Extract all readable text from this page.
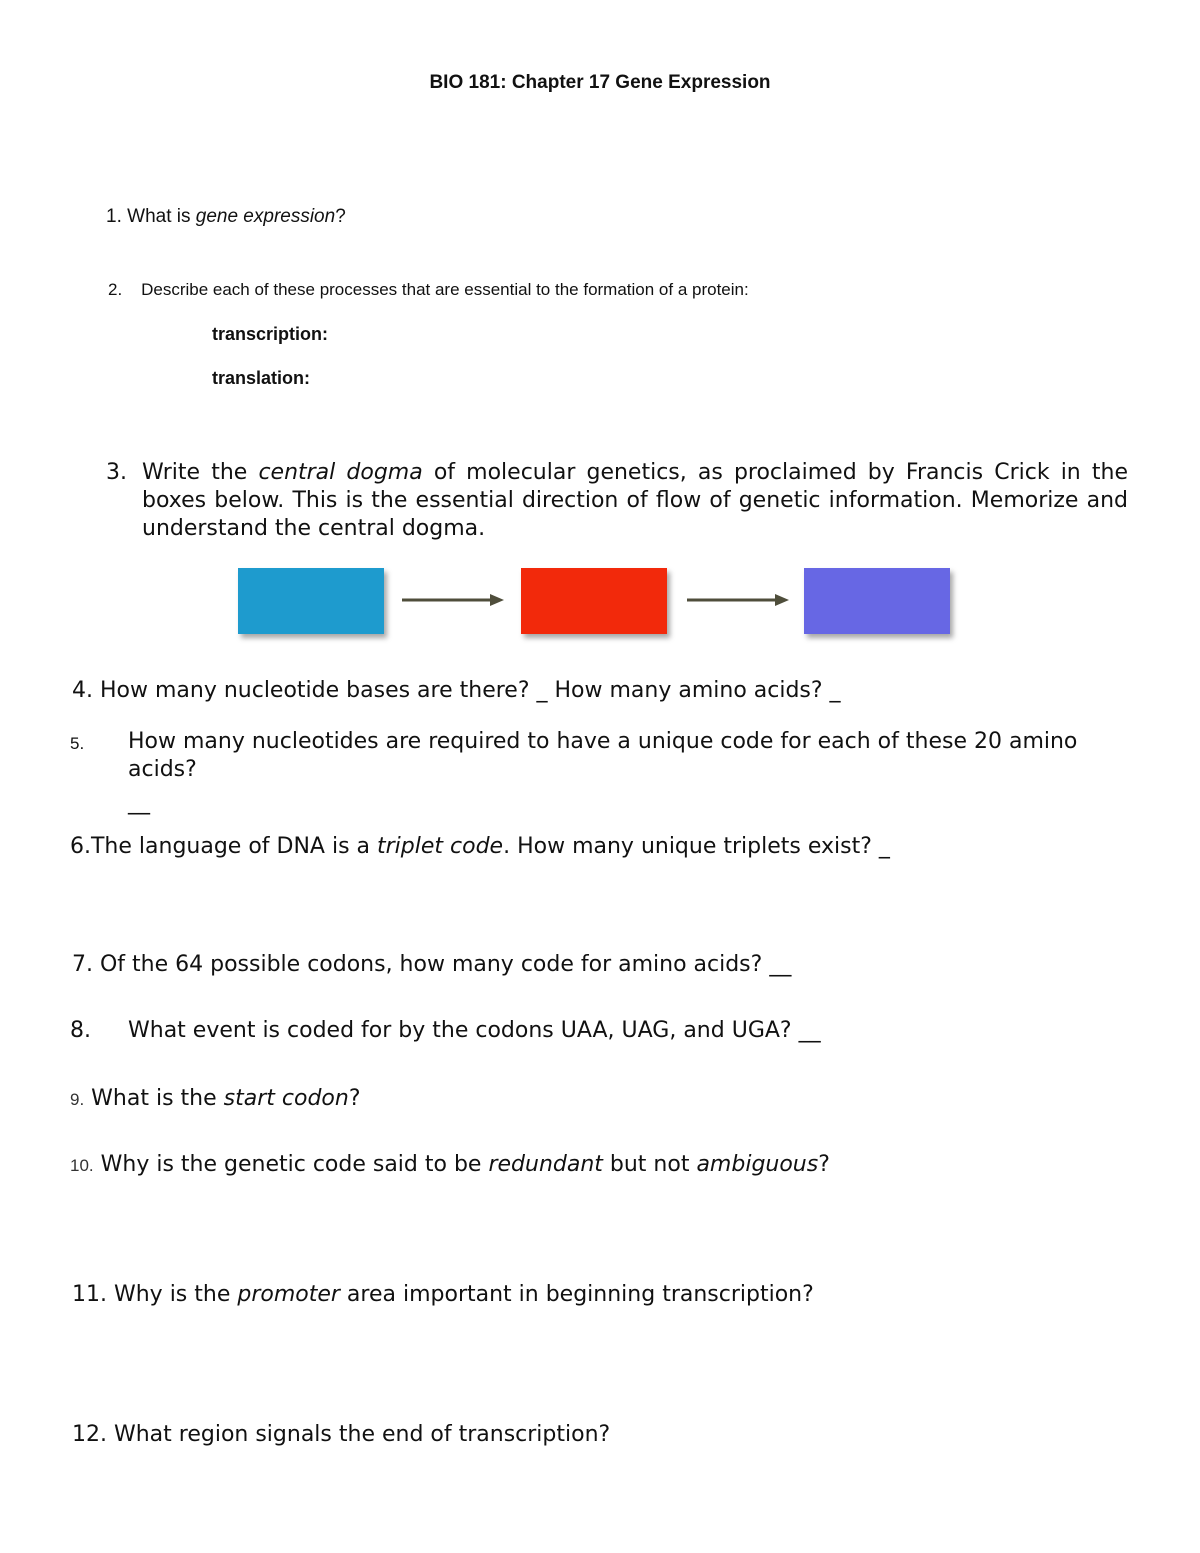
BIO 181: Chapter 17 Gene Expression
1. What is gene expression?
2. Describe each of these processes that are essential to the formation of a protein:
transcription:
translation:
3. Write the central dogma of molecular genetics, as proclaimed by Francis Crick in the boxes below. This is the essential direction of flow of genetic information. Memorize and understand the central dogma.
4. How many nucleotide bases are there? _ How many amino acids? _
5. How many nucleotides are required to have a unique code for each of these 20 amino acids?
__
6.The language of DNA is a triplet code. How many unique triplets exist? _
7. Of the 64 possible codons, how many code for amino acids? __
8. What event is coded for by the codons UAA, UAG, and UGA? __
9. What is the start codon?
10. Why is the genetic code said to be redundant but not ambiguous?
11. Why is the promoter area important in beginning transcription?
12. What region signals the end of transcription?
